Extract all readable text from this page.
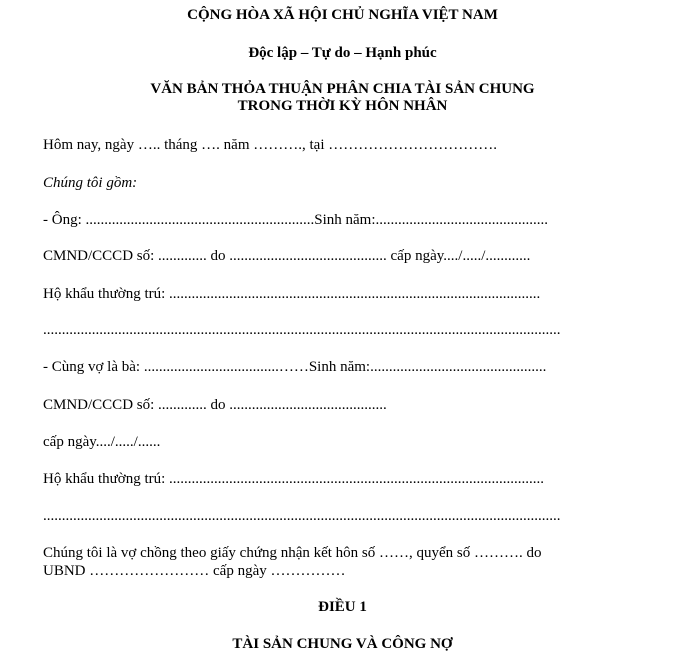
CỘNG HÒA XÃ HỘI CHỦ NGHĨA VIỆT NAM
Độc lập – Tự do – Hạnh phúc
VĂN BẢN THỎA THUẬN PHÂN CHIA TÀI SẢN CHUNG
TRONG THỜI KỲ HÔN NHÂN
Hôm nay, ngày ….. tháng …. năm ………., tại …………………………….
Chúng tôi gồm:
- Ông: .............................................................Sinh năm:..............................................
CMND/CCCD số: ............. do .......................................... cấp ngày..../...../............
Hộ khẩu thường trú: ...................................................................................................
..........................................................................................................................................
- Cùng vợ là bà: ....................................……Sinh năm:...............................................
CMND/CCCD số: ............. do ..........................................
cấp ngày..../...../......
Hộ khẩu thường trú: ....................................................................................................
..........................................................................................................................................
Chúng tôi là vợ chồng theo giấy chứng nhận kết hôn số ……, quyển số ………. do
UBND …………………… cấp ngày ……………
ĐIỀU 1
TÀI SẢN CHUNG VÀ CÔNG NỢ
